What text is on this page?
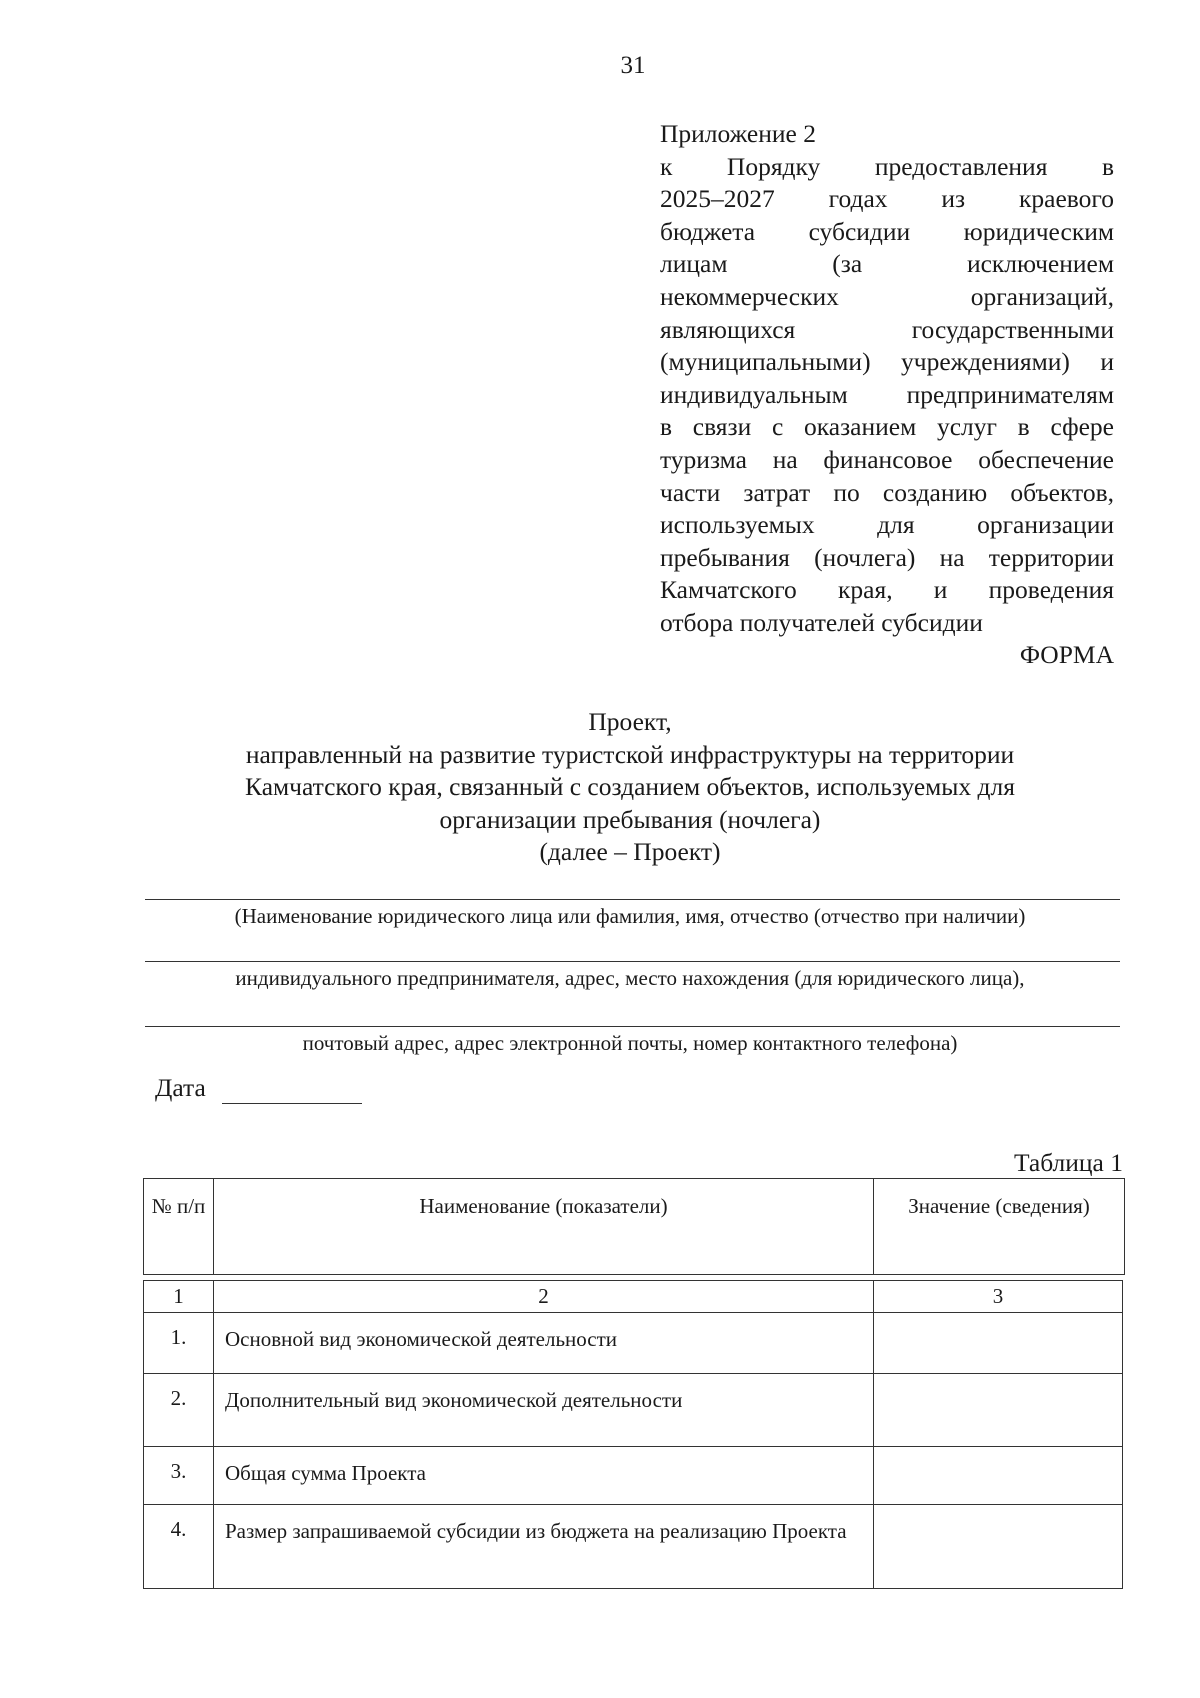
31
Приложение 2
к Порядку предоставления в
2025–2027 годах из краевого
бюджета субсидии юридическим
лицам (за исключением
некоммерческих организаций,
являющихся государственными
(муниципальными) учреждениями) и
индивидуальным предпринимателям
в связи с оказанием услуг в сфере
туризма на финансовое обеспечение
части затрат по созданию объектов,
используемых для организации
пребывания (ночлега) на территории
Камчатского края, и проведения
отбора получателей субсидии
ФОРМА
Проект,
направленный на развитие туристской инфраструктуры на территории
Камчатского края, связанный с созданием объектов, используемых для
организации пребывания (ночлега)
(далее – Проект)
(Наименование юридического лица или фамилия, имя, отчество (отчество при наличии)
индивидуального предпринимателя, адрес, место нахождения (для юридического лица),
почтовый адрес, адрес электронной почты, номер контактного телефона)
Дата
Таблица 1
№ п/п	Наименование (показатели)	Значение (сведения)
1	2	3
1.	Основной вид экономической деятельности	
2.	Дополнительный вид экономической деятельности	
3.	Общая сумма Проекта	
4.	Размер запрашиваемой субсидии из бюджета на реализацию Проекта	
